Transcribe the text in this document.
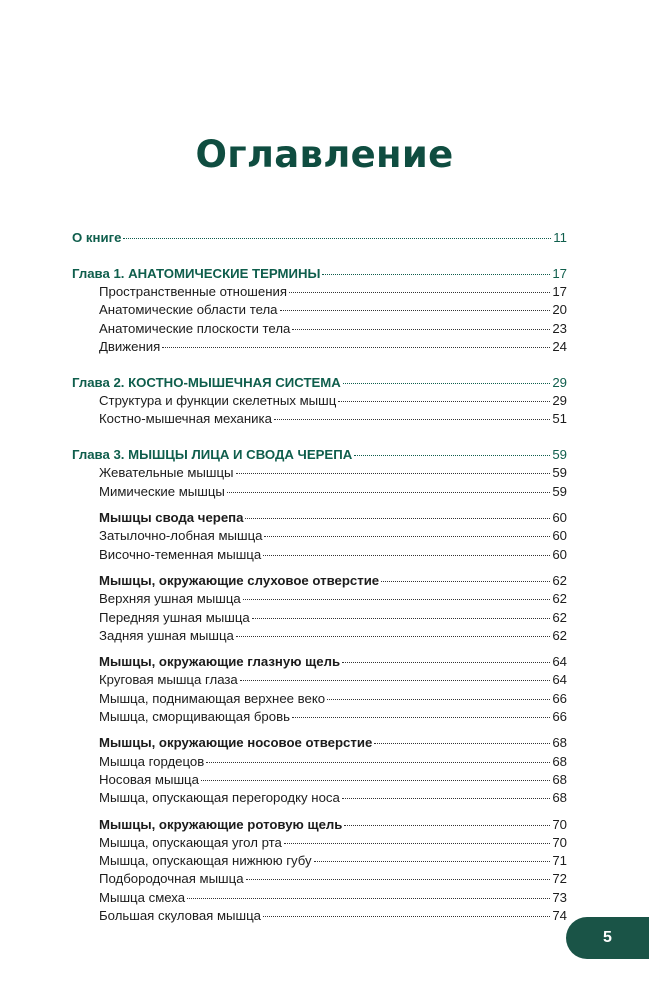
Оглавление
О книге	11
Глава 1. АНАТОМИЧЕСКИЕ ТЕРМИНЫ	17
Пространственные отношения	17
Анатомические области тела	20
Анатомические плоскости тела	23
Движения	24
Глава 2. КОСТНО-МЫШЕЧНАЯ СИСТЕМА	29
Структура и функции скелетных мышц	29
Костно-мышечная механика	51
Глава 3. МЫШЦЫ ЛИЦА И СВОДА ЧЕРЕПА	59
Жевательные мышцы	59
Мимические мышцы	59
Мышцы свода черепа	60
Затылочно-лобная мышца	60
Височно-теменная мышца	60
Мышцы, окружающие слуховое отверстие	62
Верхняя ушная мышца	62
Передняя ушная мышца	62
Задняя ушная мышца	62
Мышцы, окружающие глазную щель	64
Круговая мышца глаза	64
Мышца, поднимающая верхнее веко	66
Мышца, сморщивающая бровь	66
Мышцы, окружающие носовое отверстие	68
Мышца гордецов	68
Носовая мышца	68
Мышца, опускающая перегородку носа	68
Мышцы, окружающие ротовую щель	70
Мышца, опускающая угол рта	70
Мышца, опускающая нижнюю губу	71
Подбородочная мышца	72
Мышца смеха	73
Большая скуловая мышца	74
5
